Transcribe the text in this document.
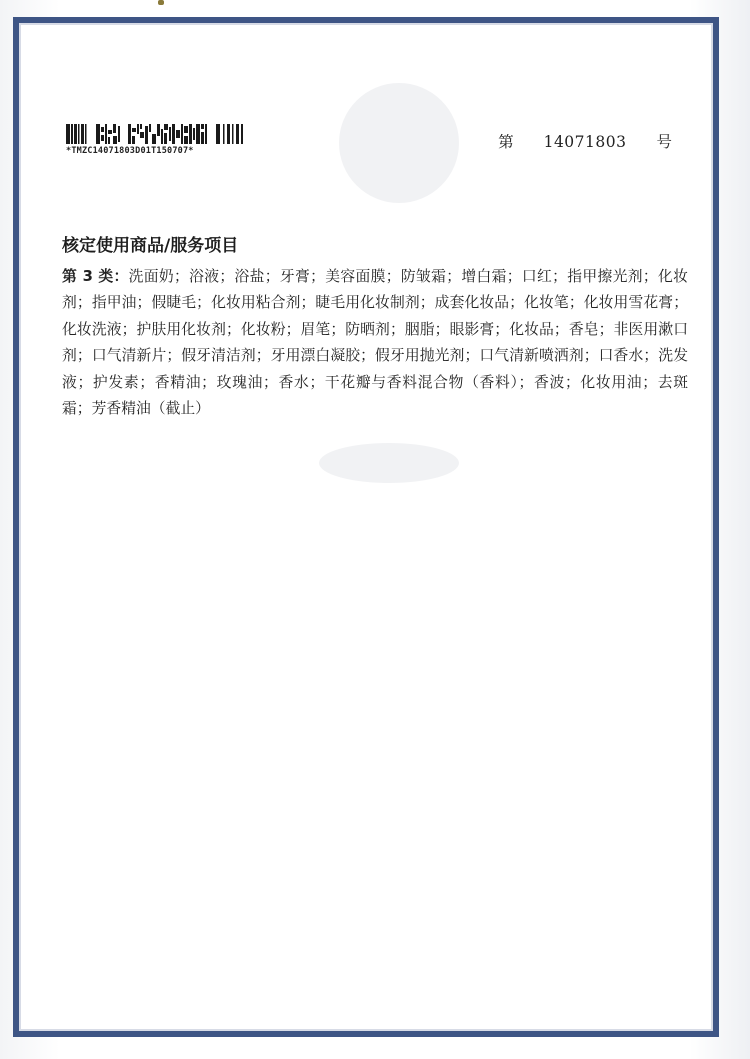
*TMZC14071803D01T150707*	第 14071803 号
核定使用商品/服务项目
第 3 类：洗面奶；浴液；浴盐；牙膏；美容面膜；防皱霜；增白霜；口红；指甲擦光剂；化妆剂；指甲油；假睫毛；化妆用粘合剂；睫毛用化妆制剂；成套化妆品；化妆笔；化妆用雪花膏；化妆洗液；护肤用化妆剂；化妆粉；眉笔；防晒剂；胭脂；眼影膏；化妆品；香皂；非医用漱口剂；口气清新片；假牙清洁剂；牙用漂白凝胶；假牙用抛光剂；口气清新喷洒剂；口香水；洗发液；护发素；香精油；玫瑰油；香水；干花瓣与香料混合物（香料）；香波；化妆用油；去斑霜；芳香精油（截止）
